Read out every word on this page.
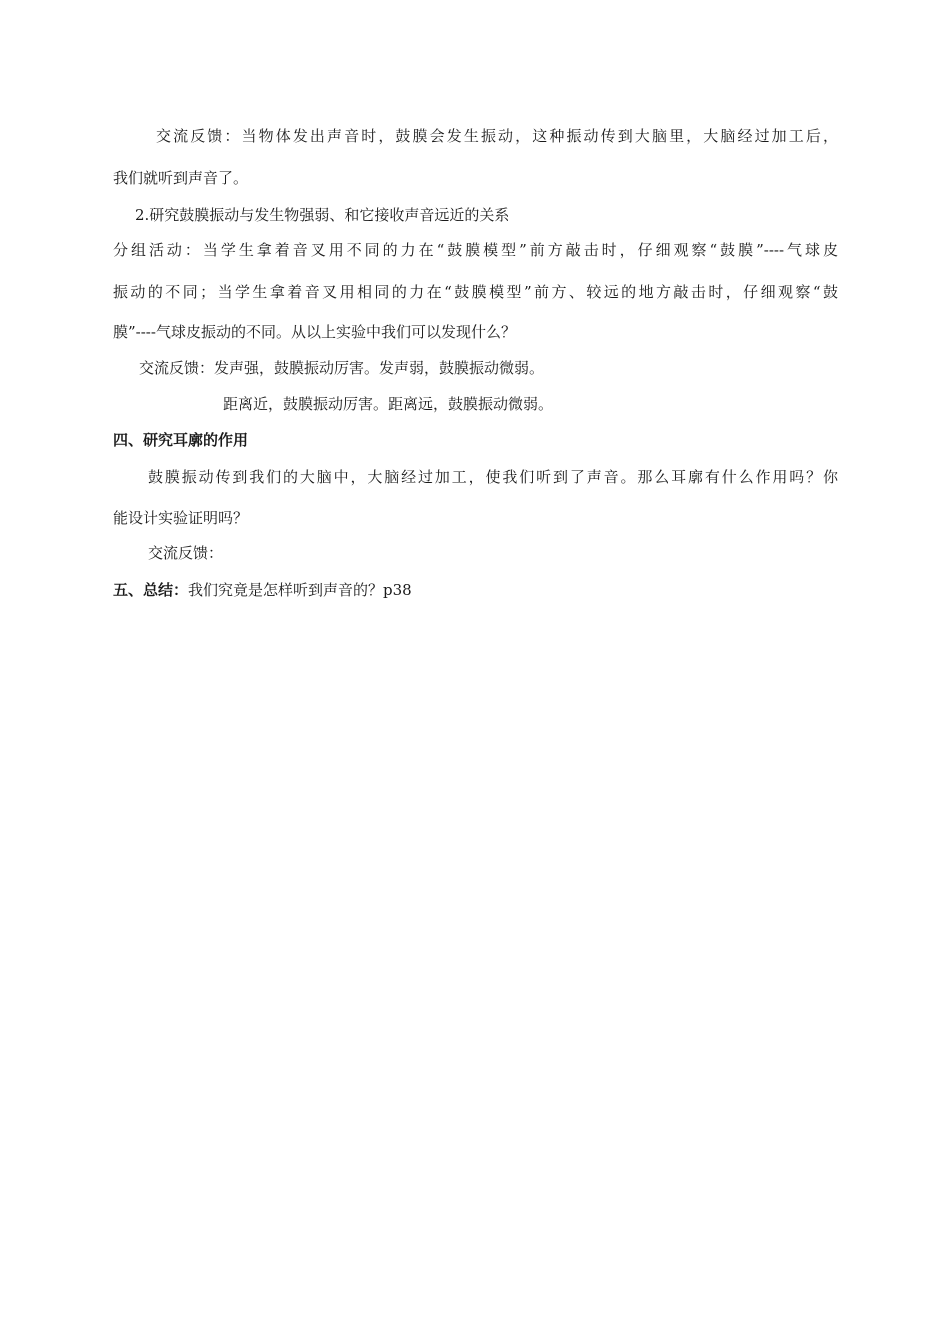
交流反馈：当物体发出声音时，鼓膜会发生振动，这种振动传到大脑里，大脑经过加工后，
我们就听到声音了。
2.研究鼓膜振动与发生物强弱、和它接收声音远近的关系
分组活动：当学生拿着音叉用不同的力在“鼓膜模型”前方敲击时，仔细观察“鼓膜”----气球皮
振动的不同；当学生拿着音叉用相同的力在“鼓膜模型”前方、较远的地方敲击时，仔细观察“鼓
膜”----气球皮振动的不同。从以上实验中我们可以发现什么？
交流反馈：发声强，鼓膜振动厉害。发声弱，鼓膜振动微弱。
距离近，鼓膜振动厉害。距离远，鼓膜振动微弱。
四、研究耳廓的作用
鼓膜振动传到我们的大脑中，大脑经过加工，使我们听到了声音。那么耳廓有什么作用吗？你
能设计实验证明吗？
交流反馈：
五、总结：我们究竟是怎样听到声音的？p38
